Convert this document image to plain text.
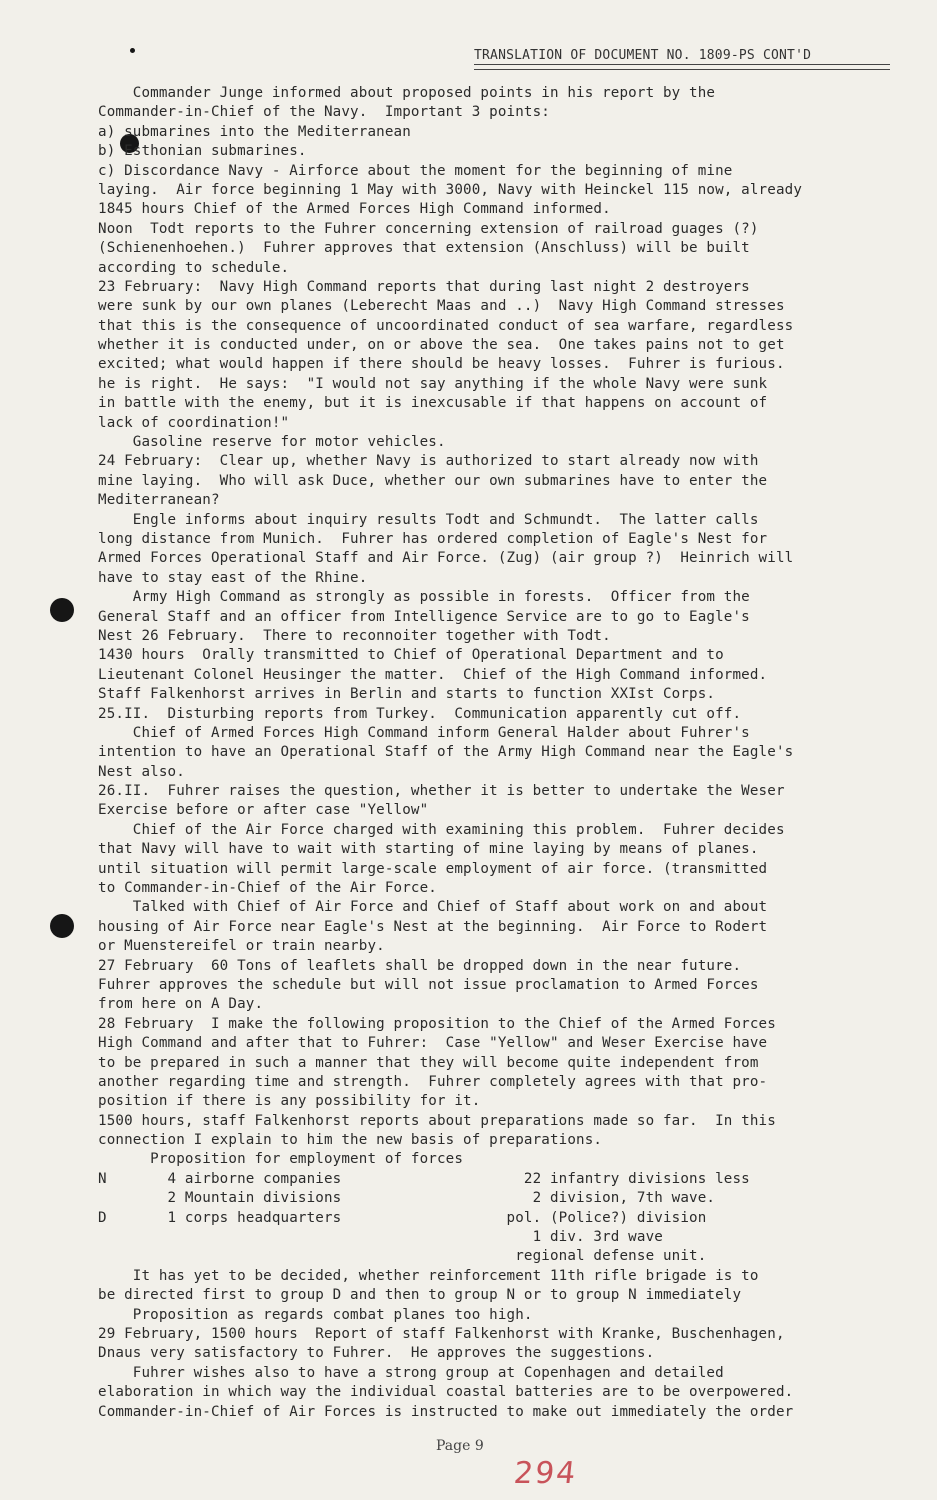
TRANSLATION OF DOCUMENT NO. 1809-PS CONT'D
Commander Junge informed about proposed points in his report by the
Commander-in-Chief of the Navy.  Important 3 points:
a) submarines into the Mediterranean
b) Esthonian submarines.
c) Discordance Navy - Airforce about the moment for the beginning of mine
laying.  Air force beginning 1 May with 3000, Navy with Heinckel 115 now, already
1845 hours Chief of the Armed Forces High Command informed.
Noon  Todt reports to the Fuhrer concerning extension of railroad guages (?)
(Schienenhoehen.)  Fuhrer approves that extension (Anschluss) will be built
according to schedule.
23 February:  Navy High Command reports that during last night 2 destroyers
were sunk by our own planes (Leberecht Maas and ..)  Navy High Command stresses
that this is the consequence of uncoordinated conduct of sea warfare, regardless
whether it is conducted under, on or above the sea.  One takes pains not to get
excited; what would happen if there should be heavy losses.  Fuhrer is furious.
he is right.  He says:  "I would not say anything if the whole Navy were sunk
in battle with the enemy, but it is inexcusable if that happens on account of
lack of coordination!"
Gasoline reserve for motor vehicles.
24 February:  Clear up, whether Navy is authorized to start already now with
mine laying.  Who will ask Duce, whether our own submarines have to enter the
Mediterranean?
Engle informs about inquiry results Todt and Schmundt.  The latter calls
long distance from Munich.  Fuhrer has ordered completion of Eagle's Nest for
Armed Forces Operational Staff and Air Force. (Zug) (air group ?)  Heinrich will
have to stay east of the Rhine.
Army High Command as strongly as possible in forests.  Officer from the
General Staff and an officer from Intelligence Service are to go to Eagle's
Nest 26 February.  There to reconnoiter together with Todt.
1430 hours  Orally transmitted to Chief of Operational Department and to
Lieutenant Colonel Heusinger the matter.  Chief of the High Command informed.
Staff Falkenhorst arrives in Berlin and starts to function XXIst Corps.
25.II.  Disturbing reports from Turkey.  Communication apparently cut off.
Chief of Armed Forces High Command inform General Halder about Fuhrer's
intention to have an Operational Staff of the Army High Command near the Eagle's
Nest also.
26.II.  Fuhrer raises the question, whether it is better to undertake the Weser
Exercise before or after case "Yellow"
Chief of the Air Force charged with examining this problem.  Fuhrer decides
that Navy will have to wait with starting of mine laying by means of planes.
until situation will permit large-scale employment of air force. (transmitted
to Commander-in-Chief of the Air Force.
Talked with Chief of Air Force and Chief of Staff about work on and about
housing of Air Force near Eagle's Nest at the beginning.  Air Force to Rodert
or Muenstereifel or train nearby.
27 February  60 Tons of leaflets shall be dropped down in the near future.
Fuhrer approves the schedule but will not issue proclamation to Armed Forces
from here on A Day.
28 February  I make the following proposition to the Chief of the Armed Forces
High Command and after that to Fuhrer:  Case "Yellow" and Weser Exercise have
to be prepared in such a manner that they will become quite independent from
another regarding time and strength.  Fuhrer completely agrees with that pro-
position if there is any possibility for it.
1500 hours, staff Falkenhorst reports about preparations made so far.  In this
connection I explain to him the new basis of preparations.
Proposition for employment of forces
N       4 airborne companies                     22 infantry divisions less
2 Mountain divisions                      2 division, 7th wave.
D       1 corps headquarters                   pol. (Police?) division
1 div. 3rd wave
regional defense unit.
It has yet to be decided, whether reinforcement 11th rifle brigade is to
be directed first to group D and then to group N or to group N immediately
Proposition as regards combat planes too high.
29 February, 1500 hours  Report of staff Falkenhorst with Kranke, Buschenhagen,
Dnaus very satisfactory to Fuhrer.  He approves the suggestions.
Fuhrer wishes also to have a strong group at Copenhagen and detailed
elaboration in which way the individual coastal batteries are to be overpowered.
Commander-in-Chief of Air Forces is instructed to make out immediately the order
Page 9
294
